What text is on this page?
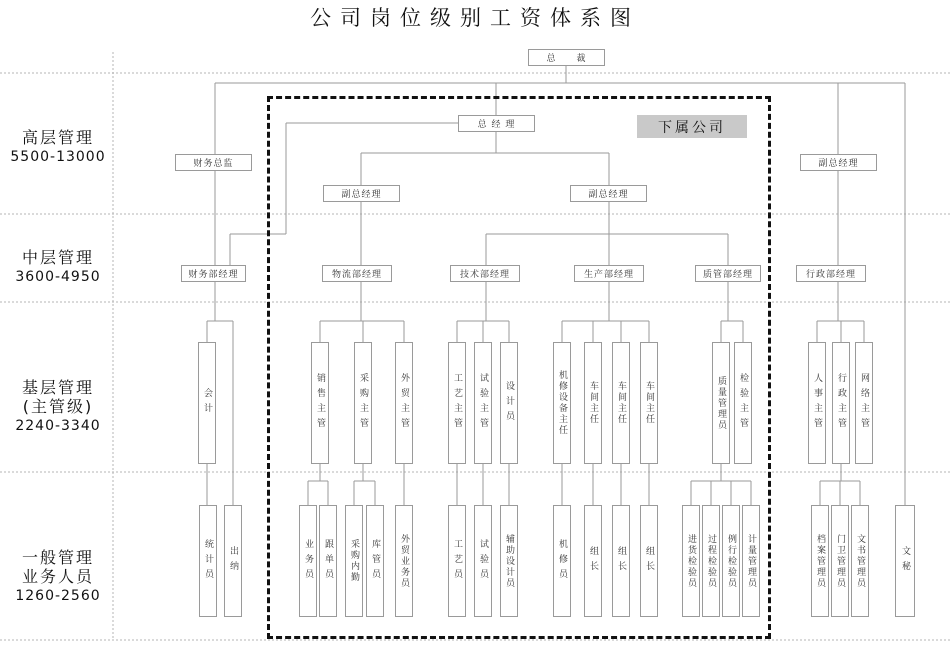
公司岗位级别工资体系图
下属公司
高层管理
5500-13000
中层管理
3600-4950
基层管理
(主管级)
2240-3340
一般管理
业务人员
1260-2560
总　　裁
财务总监
总 经 理
副总经理	副总经理
副总经理
财务部经理	物流部经理	技术部经理	生产部经理	质管部经理	行政部经理
会计	销售主管	采购主管	外贸主管	工艺主管 试验主管 设计员	机修设备主任 车间主任 车间主任 车间主任	质量管理员 检验主管	人事主管 行政主管 网络主管
统计员 出纳	业务员 跟单员 采购内勤 库管员 外贸业务员	工艺员 试验员 辅助设计员	机修员 组长 组长 组长	进货检验员 过程检验员 例行检验员 计量管理员	档案管理员 门卫管理员 文书管理员	文秘
